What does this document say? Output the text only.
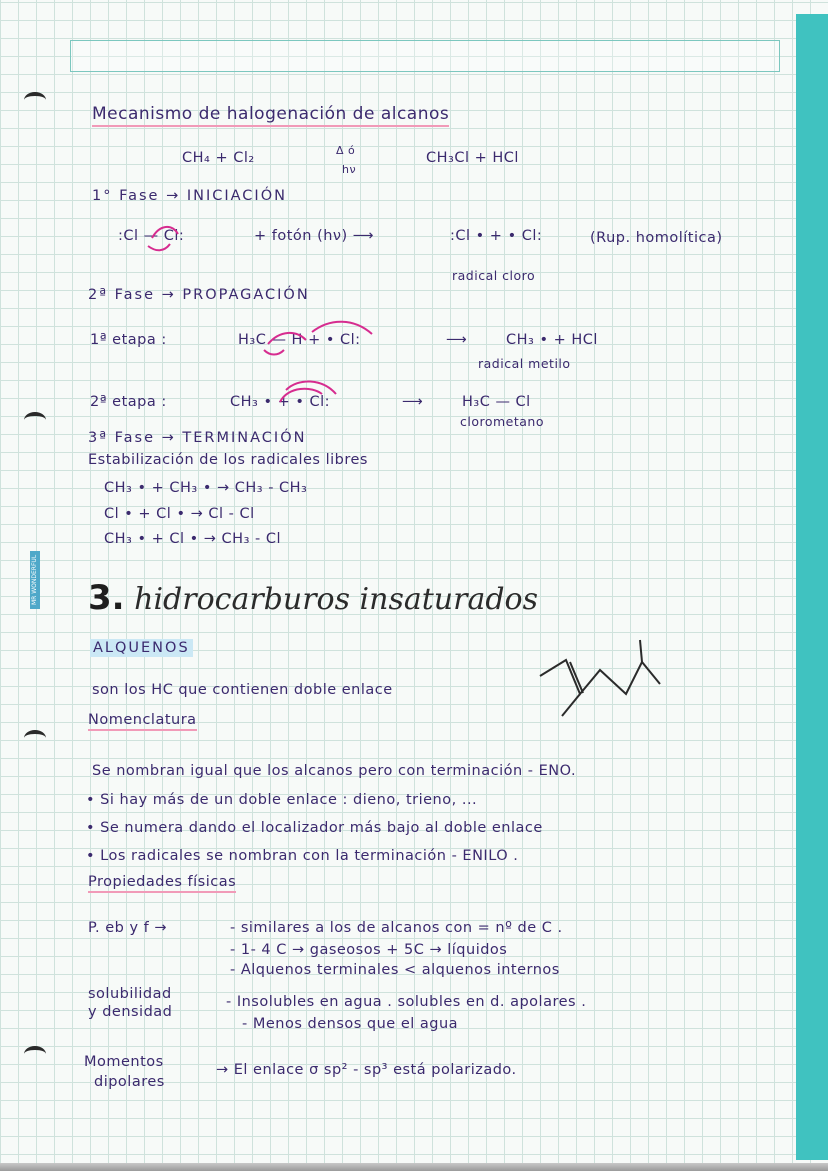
MR WONDERFUL
Mecanismo de halogenación de alcanos
CH₄ + Cl₂	Δ ó
hν
CH₃Cl + HCl
1° Fase → INICIACIÓN
:Cl — Cl:	+ fotón (hν) ⟶	:Cl • + • Cl:	(Rup. homolítica)
radical cloro
2ª Fase → PROPAGACIÓN
1ª etapa :	H₃C — H + • Cl:	⟶	CH₃ • + HCl
radical metilo
2ª etapa :	CH₃ • + • Cl:	⟶	H₃C — Cl
clorometano
3ª Fase → TERMINACIÓN
Estabilización de los radicales libres
CH₃ • + CH₃ • → CH₃ - CH₃
Cl • + Cl • → Cl - Cl
CH₃ • + Cl • → CH₃ - Cl
3. hidrocarburos insaturados
ALQUENOS
son los HC que contienen doble enlace
Nomenclatura
Se nombran igual que los alcanos pero con terminación - ENO.
• Si hay más de un doble enlace : dieno, trieno, ...
• Se numera dando el localizador más bajo al doble enlace
• Los radicales se nombran con la terminación - ENILO .
Propiedades físicas
P. eb y f →	- similares a los de alcanos con = nº de C .
- 1- 4 C → gaseosos + 5C → líquidos
- Alquenos terminales < alquenos internos
solubilidad
y densidad
- Insolubles en agua . solubles en d. apolares .
- Menos densos que el agua
Momentos
dipolares
→ El enlace σ sp² - sp³ está polarizado.
